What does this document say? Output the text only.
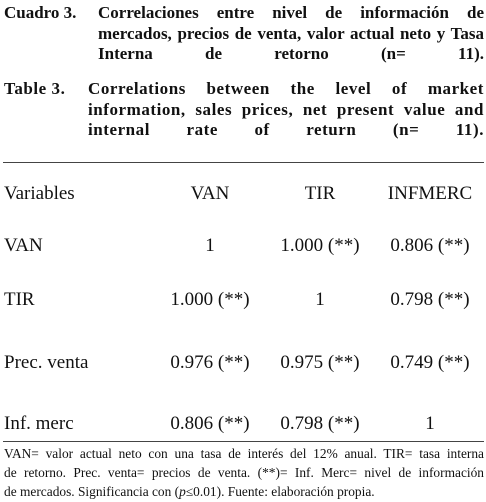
Cuadro 3. Correlaciones entre nivel de información de mercados, precios de venta, valor actual neto y Tasa Interna de retorno (n= 11).
Table 3. Correlations between the level of market information, sales prices, net present value and internal rate of return (n= 11).
Variables	VAN	TIR	INFMERC
VAN	1	1.000 (**)	0.806 (**)
TIR	1.000 (**)	1	0.798 (**)
Prec. venta	0.976 (**)	0.975 (**)	0.749 (**)
Inf. merc	0.806 (**)	0.798 (**)	1
VAN= valor actual neto con una tasa de interés del 12% anual. TIR= tasa interna
de retorno. Prec. venta= precios de venta. (**)= Inf. Merc= nivel de información
de mercados. Significancia con (p≤0.01). Fuente: elaboración propia.
